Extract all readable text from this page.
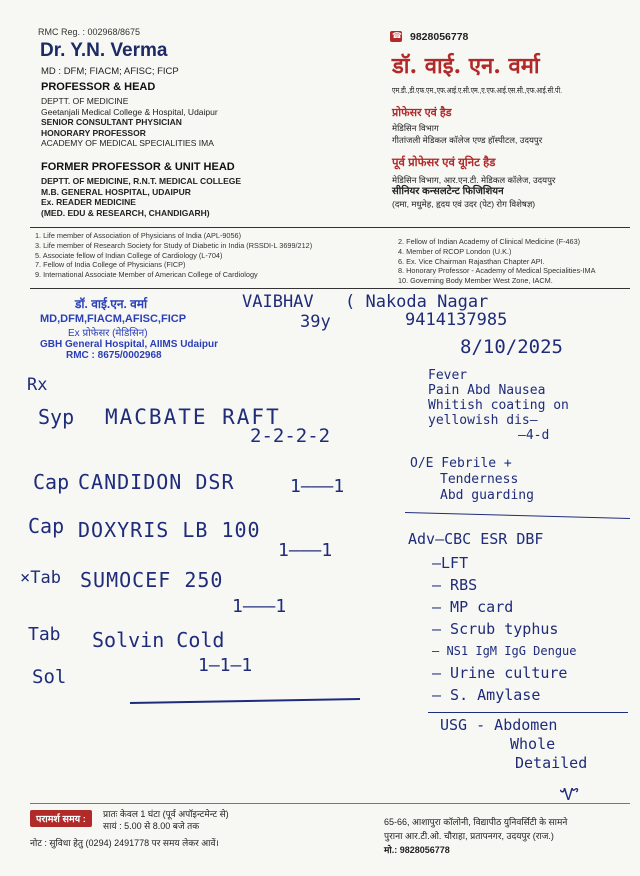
RMC Reg. : 002968/8675
Dr. Y.N. Verma
MD : DFM; FIACM; AFISC; FICP
PROFESSOR & HEAD
DEPTT. OF MEDICINE
Geetanjali Medical College & Hospital, Udaipur
SENIOR CONSULTANT PHYSICIAN
HONORARY PROFESSOR
ACADEMY OF MEDICAL SPECIALITIES IMA
FORMER PROFESSOR & UNIT HEAD
DEPTT. OF MEDICINE, R.N.T. MEDICAL COLLEGE
M.B. GENERAL HOSPITAL, UDAIPUR
Ex. READER MEDICINE
(MED. EDU & RESEARCH, CHANDIGARH)
☎ 9828056778
डॉ. वाई. एन. वर्मा
एम.डी.,डी.एफ.एम.,एफ.आई.ए.सी.एम.,ए.एफ.आई.एस.सी.,एफ.आई.सी.पी.
प्रोफेसर एवं हैड
मेडिसिन विभाग
गीतांजली मेडिकल कॉलेज एण्ड हॉस्पीटल, उदयपुर
पूर्व प्रोफेसर एवं यूनिट हैड
मेडिसिन विभाग, आर.एन.टी. मेडिकल कॉलेज, उदयपुर
सीनियर कन्सलटेन्ट फिजिशियन
(दमा, मधुमेह, हृदय एवं उदर (पेट) रोग विशेषज्ञ)
1. Life member of Association of Physicians of India (APL-9056)
3. Life member of Research Society for Study of Diabetic in India (RSSDI-L 3699/212)
5. Associate fellow of Indian College of Cardiology (L-704)
7. Fellow of India College of Physicians (FICP)
9. International Associate Member of American College of Cardiology
2. Fellow of Indian Academy of Clinical Medicine (F-463)
4. Member of RCOP London (U.K.)
6. Ex. Vice Chairman Rajasthan Chapter API.
8. Honorary Professor - Academy of Medical Specialities-IMA
10. Governing Body Member West Zone, IACM.
डॉ. वाई.एन. वर्मा
MD,DFM,FIACM,AFISC,FICP
Ex प्रोफेसर (मेडिसिन)
GBH General Hospital, AIIMS Udaipur
RMC : 8675/0002968
VAIBHAV ( Nakoda Nagar
39y	9414137985
8/10/2025
Rx
Syp MACBATE RAFT
2-2-2-2
Cap CANDIDON DSR	1———1
Cap DOXYRIS LB 100
1———1
×Tab SUMOCEF 250
1———1
Tab Solvin Cold
1—1—1
Sol
Fever
Pain Abd Nausea
Whitish coating on
yellowish dis—
—4-d
O/E Febrile +
Tenderness
Abd guarding
Adv—CBC ESR DBF
—LFT
— RBS
— MP card
— Scrub typhus
— NS1 IgM IgG Dengue
— Urine culture
— S. Amylase
USG - Abdomen
Whole
Detailed
Ꮙ
परामर्श समय :	प्रातः केवल 1 घंटा (पूर्व अपॉइन्टमेन्ट से)
सायं : 5.00 से 8.00 बजे तक
नोट : सुविधा हेतु (0294) 2491778 पर समय लेकर आवें।
65-66, आशापुरा कॉलोनी, विद्यापीठ युनिवर्सिटी के सामने
पुराना आर.टी.ओ. चौराहा, प्रतापनगर, उदयपुर (राज.)
मो.: 9828056778
